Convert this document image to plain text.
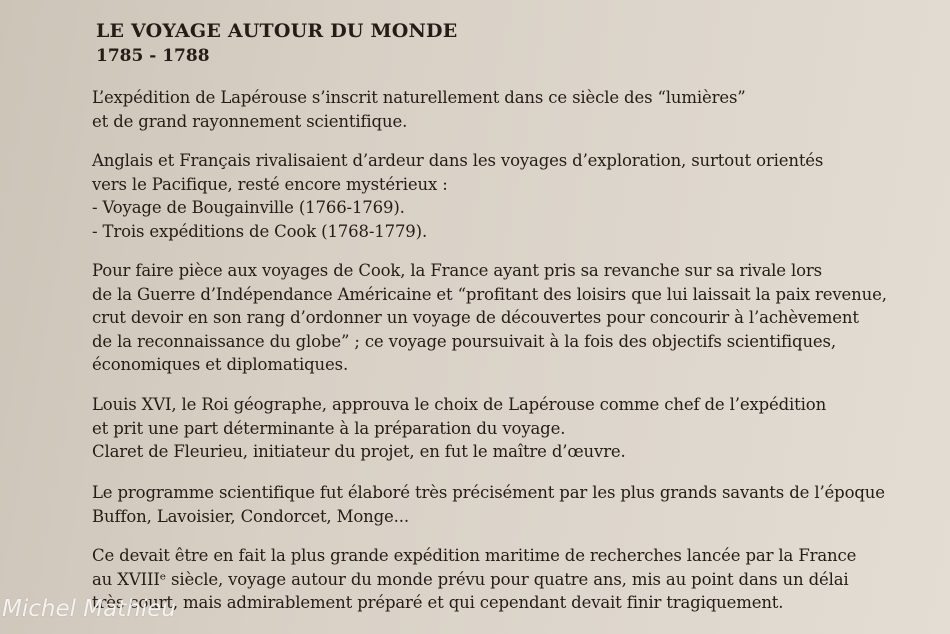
LE VOYAGE AUTOUR DU MONDE
1785 - 1788
L’expédition de Lapérouse s’inscrit naturellement dans ce siècle des “lumières”
et de grand rayonnement scientifique.
Anglais et Français rivalisaient d’ardeur dans les voyages d’exploration, surtout orientés
vers le Pacifique, resté encore mystérieux :
- Voyage de Bougainville (1766-1769).
- Trois expéditions de Cook (1768-1779).
Pour faire pièce aux voyages de Cook, la France ayant pris sa revanche sur sa rivale lors
de la Guerre d’Indépendance Américaine et “profitant des loisirs que lui laissait la paix revenue,
crut devoir en son rang d’ordonner un voyage de découvertes pour concourir à l’achèvement
de la reconnaissance du globe” ; ce voyage poursuivait à la fois des objectifs scientifiques,
économiques et diplomatiques.
Louis XVI, le Roi géographe, approuva le choix de Lapérouse comme chef de l’expédition
et prit une part déterminante à la préparation du voyage.
Claret de Fleurieu, initiateur du projet, en fut le maître d’œuvre.
Le programme scientifique fut élaboré très précisément par les plus grands savants de l’époque
Buffon, Lavoisier, Condorcet, Monge...
Ce devait être en fait la plus grande expédition maritime de recherches lancée par la France
au XVIIIᵉ siècle, voyage autour du monde prévu pour quatre ans, mis au point dans un délai
très court, mais admirablement préparé et qui cependant devait finir tragiquement.
Michel Mathieu
